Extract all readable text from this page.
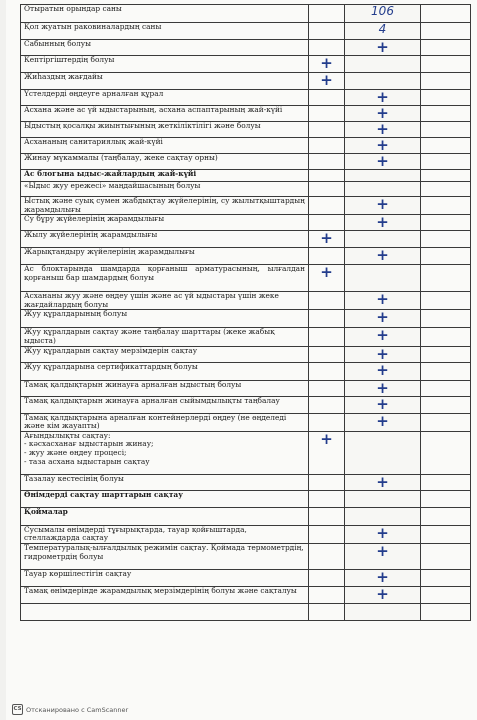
Отыратын орындар саны		106	

Қол жуатын раковиналардың саны		4	

Сабынның болуы		+	

Кептіргіштердің болуы	+		

Жиһаздың жағдайы	+		

Үстелдерді өңдеуге арналған құрал		+	

Асхана және ас үй ыдыстарының, асхана аспаптарының жай-күйі		+	

Ыдыстың қосалқы жиынтығының жеткіліктілігі және болуы		+	

Асхананың санитариялық жай-күйі		+	

Жинау мүкаммалы (таңбалау, жеке сақтау орны)		+	

Ас блогына ыдыс-жайлардың жай-күйі			

«Ыдыс жуу ережесі» маңдайшасының болуы			

Ыстық және суық сумен жабдықтау жүйелерінің, су жылытқыштардың жарамдылығы		+	

Су бұру жүйелерінің жарамдылығы		+	

Жылу жүйелерінің жарамдылығы	+		

Жарықтандыру жүйелерінің жарамдылығы		+	

Ас блоктарында шамдарда қорғаныш арматурасының, ылғалдан қорғаныш бар шамдардың болуы	+		

Асхананы жуу және өңдеу үшін және ас үй ыдыстары үшін жеке жағдайлардың болуы		+	

Жуу құралдарының болуы		+	

Жуу құралдарын сақтау және таңбалау шарттары (жеке жабық ыдыста)		+	

Жуу құралдарын сақтау мерзімдерін сақтау		+	

Жуу құралдарына сертификаттардың болуы		+	

Тамақ қалдықтарын жинауға арналған ыдыстың болуы		+	

Тамақ қалдықтарын жинауға арналған сыйымдылықты таңбалау		+	

Тамақ қалдықтарына арналған контейнерлерді өңдеу (не өңделеді және кім жауапты)		+	

Ағындылықты сақтау:
- кәсхасханағ ыдыстарын жинау;
- жуу және өңдеу процесі;
- таза асхана ыдыстарын сақтау	+		

Тазалау кестесінің болуы		+	

Өнімдерді сақтау шарттарын сақтау			

Қоймалар			

Сусымалы өнімдерді тұғырықтарда, тауар қойғыштарда, стеллаждарда сақтау		+	

Температуралық-ылғалдылық режимін сақтау. Қоймада термометрдің, гидрометрдің болуы		+	

Тауар көршілестігін сақтау		+	

Тамақ өнімдерінде жарамдылық мерзімдерінің болуы және сақталуы		+	

CS Отсканировано с CamScanner
